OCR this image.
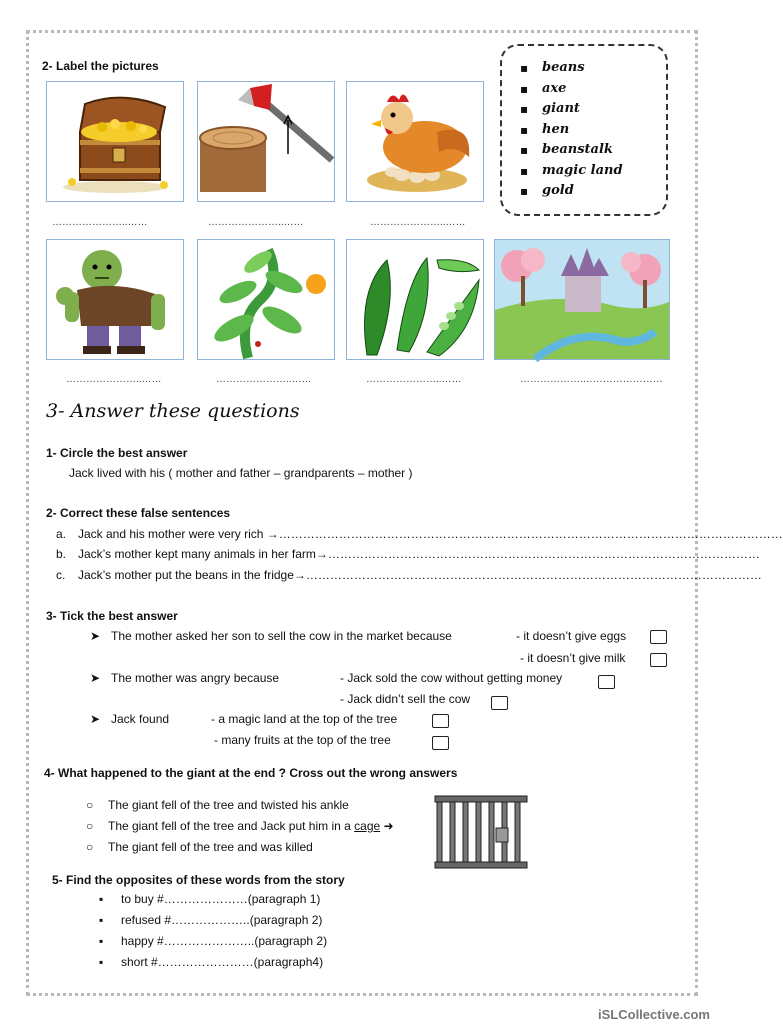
2- Label the pictures
▪	beans
▪ axe
▪ giant
▪ hen
▪ beanstalk
▪ magic land
▪ gold
…………………..……	…………………..……	…………………..……
…………………..……	…………………..……	…………………..……	……………….……………………
3- Answer these questions
1- Circle the best answer
Jack lived with his ( mother and father – grandparents – mother )
2- Correct these false sentences
a. Jack and his mother were very rich →………………………………………………………………………………………………………………
b. Jack’s mother kept many animals in her farm→………………………………………………………………………………………………
c. Jack’s mother put the beans in the fridge→……………………………………………………………………………………………………
3- Tick the best answer
➤ The mother asked her son to sell the cow in the market because	- it doesn’t give eggs
- it doesn’t give milk
➤ The mother was angry because	- Jack sold the cow without getting money
- Jack didn’t sell the cow
➤ Jack found	- a magic land at the top of the tree
- many fruits at the top of the tree
4- What happened to the giant at the end ? Cross out the wrong answers
○ The giant fell of the tree and twisted his ankle
○ The giant fell of the tree and Jack put him in a cage ➜
○ The giant fell of the tree and was killed
5- Find the opposites of these words from the story
▪ to buy #…………………(paragraph 1)
▪ refused #………………..(paragraph 2)
▪ happy #…………………..(paragraph 2)
▪ short #……………………(paragraph4)
iSLCollective.com
